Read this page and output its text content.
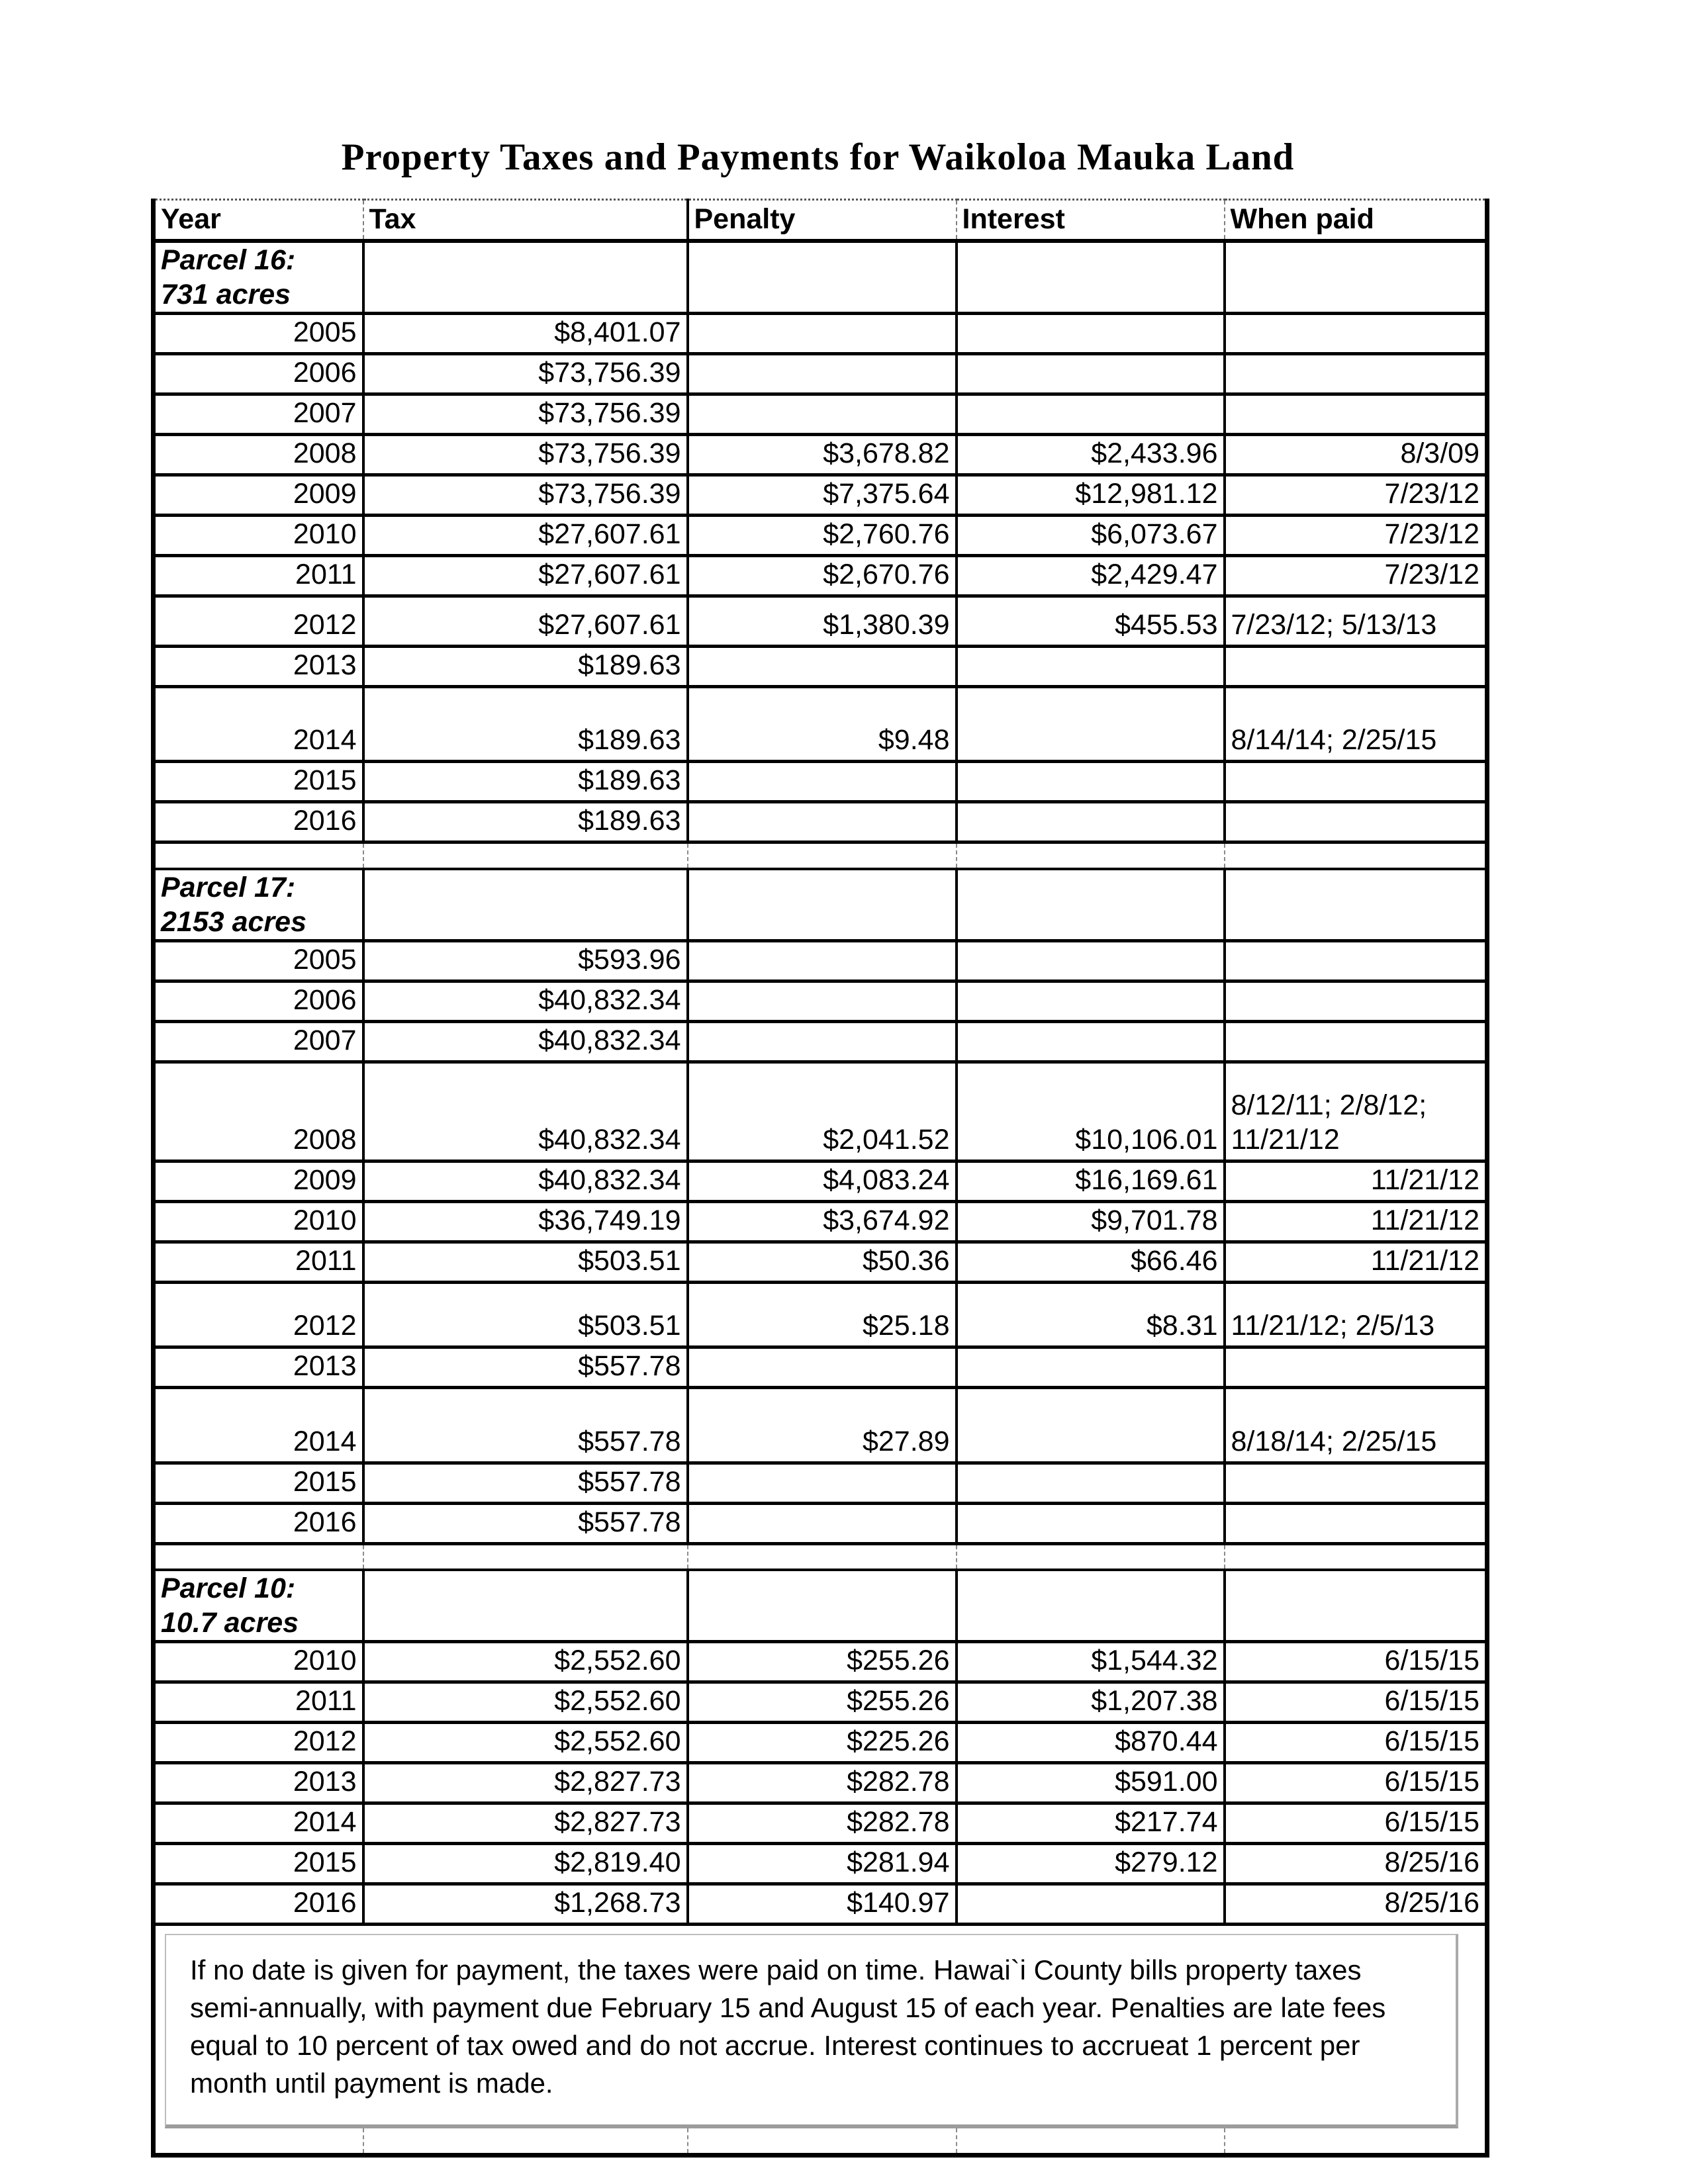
Property Taxes and Payments for Waikoloa Mauka Land
Year	Tax	Penalty	Interest	When paid

Parcel 16:
731 acres				

2005	$8,401.07			
2006	$73,756.39			
2007	$73,756.39			
2008	$73,756.39	$3,678.82	$2,433.96	8/3/09
2009	$73,756.39	$7,375.64	$12,981.12	7/23/12
2010	$27,607.61	$2,760.76	$6,073.67	7/23/12
2011	$27,607.61	$2,670.76	$2,429.47	7/23/12
2012	$27,607.61	$1,380.39	$455.53	7/23/12; 5/13/13
2013	$189.63			
2014	$189.63	$9.48		8/14/14; 2/25/15
2015	$189.63			
2016	$189.63			

Parcel 17:
2153 acres				

2005	$593.96			
2006	$40,832.34			
2007	$40,832.34			
2008	$40,832.34	$2,041.52	$10,106.01	8/12/11; 2/8/12; 11/21/12
2009	$40,832.34	$4,083.24	$16,169.61	11/21/12
2010	$36,749.19	$3,674.92	$9,701.78	11/21/12
2011	$503.51	$50.36	$66.46	11/21/12
2012	$503.51	$25.18	$8.31	11/21/12; 2/5/13
2013	$557.78			
2014	$557.78	$27.89		8/18/14; 2/25/15
2015	$557.78			
2016	$557.78			

Parcel 10:
10.7 acres				

2010	$2,552.60	$255.26	$1,544.32	6/15/15
2011	$2,552.60	$255.26	$1,207.38	6/15/15
2012	$2,552.60	$225.26	$870.44	6/15/15
2013	$2,827.73	$282.78	$591.00	6/15/15
2014	$2,827.73	$282.78	$217.74	6/15/15
2015	$2,819.40	$281.94	$279.12	8/25/16
2016	$1,268.73	$140.97		8/25/16

If no date is given for payment, the taxes were paid on time. Hawai`i County bills property taxes semi-annually, with payment due February 15 and August 15 of each year. Penalties are late fees equal to 10 percent of tax owed and do not accrue. Interest continues to accrueat 1 percent per month until payment is made.				
